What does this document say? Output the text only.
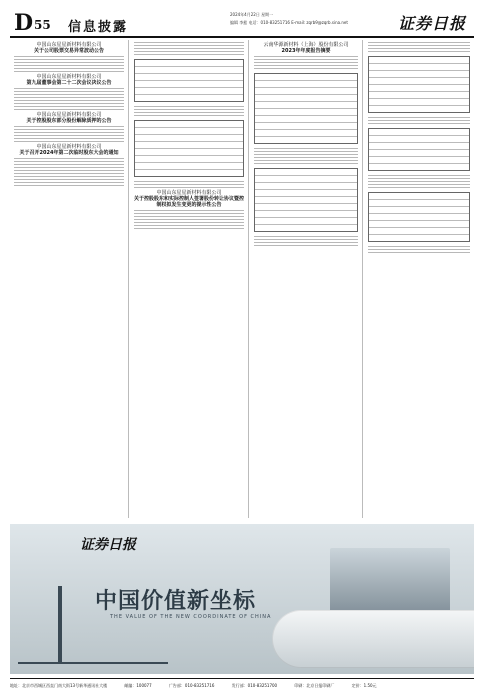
D 55 信息披露
2024年4月22日 星期一
编辑 李慈 电话：010-83251716 E-mail: zqrb9@zqrb.sina.net	证券日报
中国山东星星新材料有限公司
关于公司股票交易异常波动公告
中国山东星星新材料有限公司
第九届董事会第二十二次会议决议公告
中国山东星星新材料有限公司
关于控股股东部分股份解除质押的公告
中国山东星星新材料有限公司
关于召开2024年第二次临时股东大会的通知
中国山东星星新材料有限公司
关于控股股东和实际控制人签署股份转让协议暨控制权拟发生变更的提示性公告
云南华源新材料（上海）股份有限公司
2023年年度报告摘要
证券日报
中国价值新坐标
THE VALUE OF THE NEW COORDINATE OF CHINA
地址：北京市西城区西直门南大街13号新华通讯社大楼	邮编：100077	广告部：010-83251716	发行部：010-83251700	印刷：北京日报印刷厂	定价：1.50元
